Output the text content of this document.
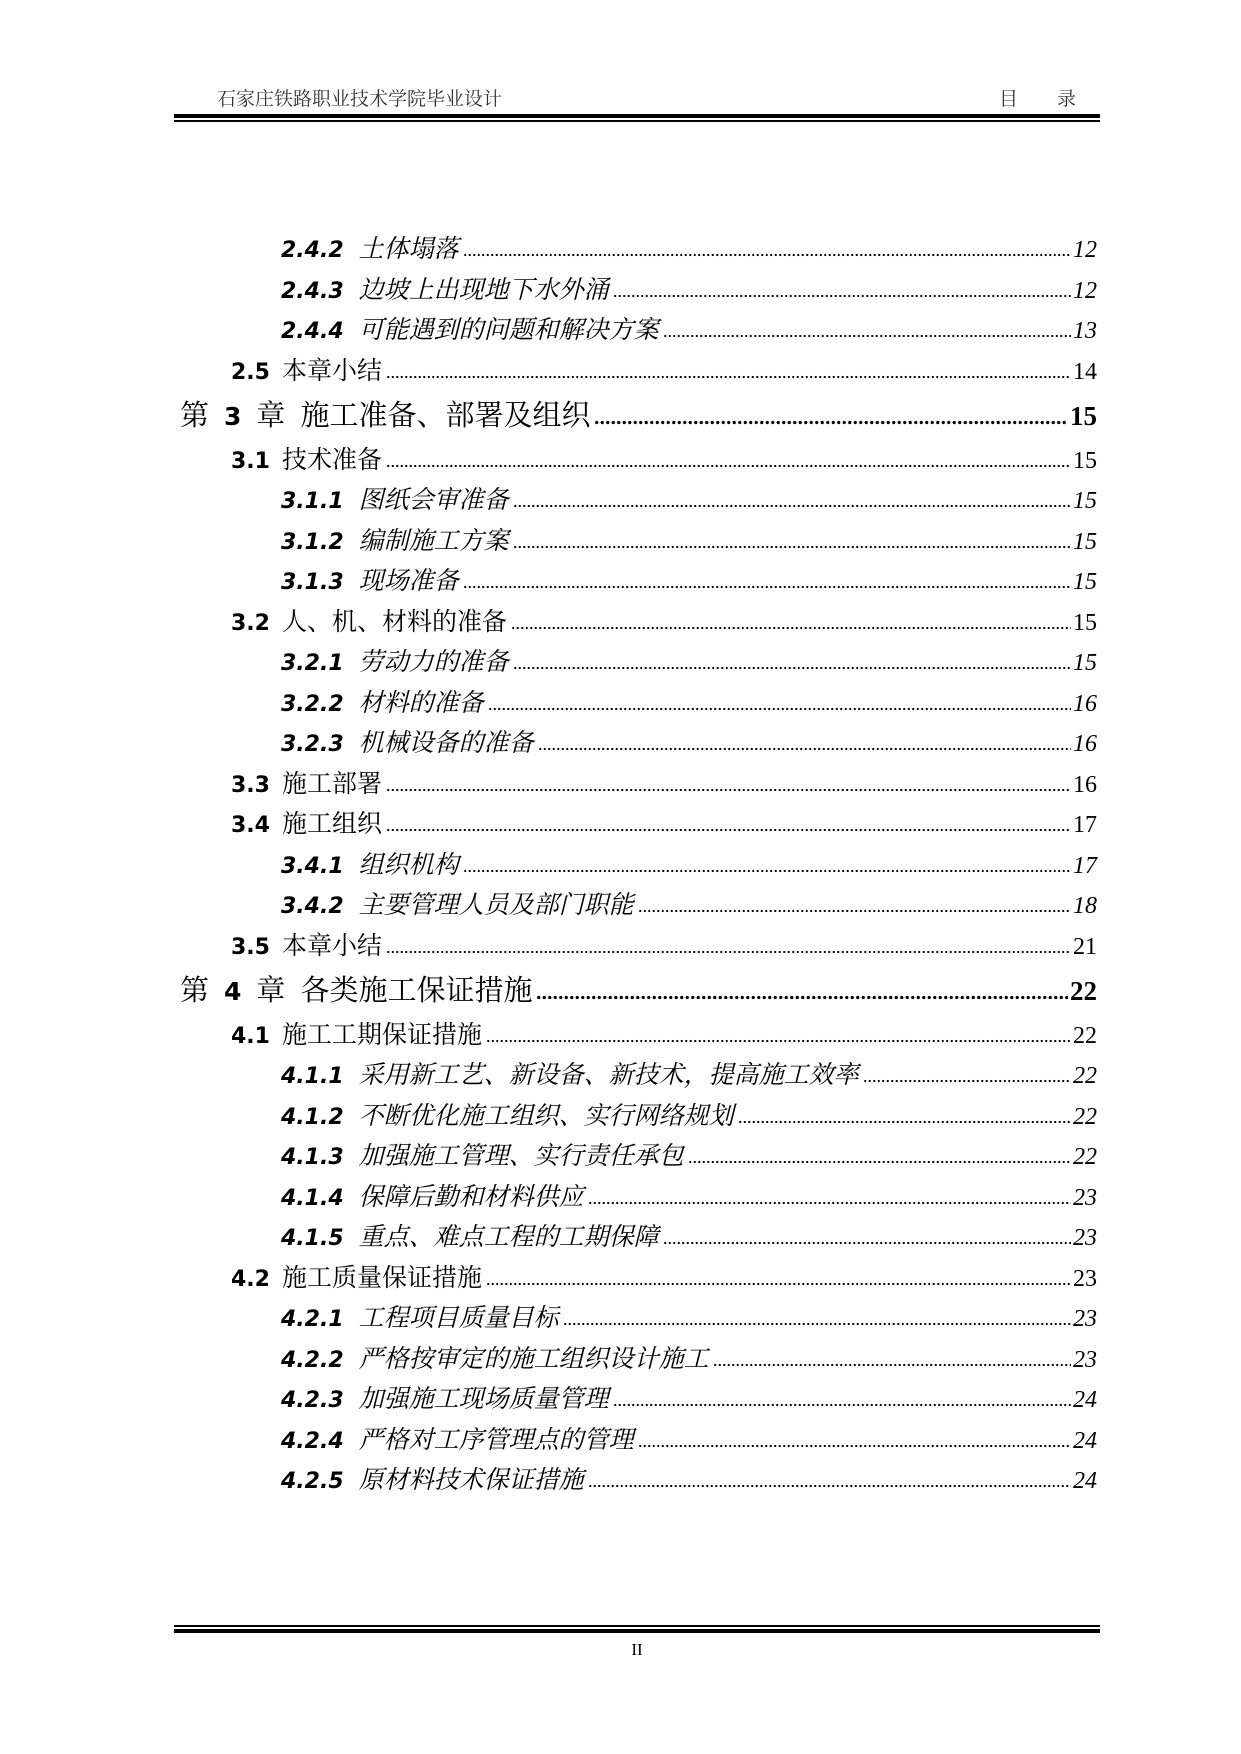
石家庄铁路职业技术学院毕业设计	目 录
2.4.2 土体塌落	12
2.4.3 边坡上出现地下水外涌	12
2.4.4 可能遇到的问题和解决方案	13
2.5 本章小结	14
第 3 章 施工准备、部署及组织	15
3.1 技术准备	15
3.1.1 图纸会审准备	15
3.1.2 编制施工方案	15
3.1.3 现场准备	15
3.2 人、机、材料的准备	15
3.2.1 劳动力的准备	15
3.2.2 材料的准备	16
3.2.3 机械设备的准备	16
3.3 施工部署	16
3.4 施工组织	17
3.4.1 组织机构	17
3.4.2 主要管理人员及部门职能	18
3.5 本章小结	21
第 4 章 各类施工保证措施	22
4.1 施工工期保证措施	22
4.1.1 采用新工艺、新设备、新技术，提高施工效率	22
4.1.2 不断优化施工组织、实行网络规划	22
4.1.3 加强施工管理、实行责任承包	22
4.1.4 保障后勤和材料供应	23
4.1.5 重点、难点工程的工期保障	23
4.2 施工质量保证措施	23
4.2.1 工程项目质量目标	23
4.2.2 严格按审定的施工组织设计施工	23
4.2.3 加强施工现场质量管理	24
4.2.4 严格对工序管理点的管理	24
4.2.5 原材料技术保证措施	24
II
